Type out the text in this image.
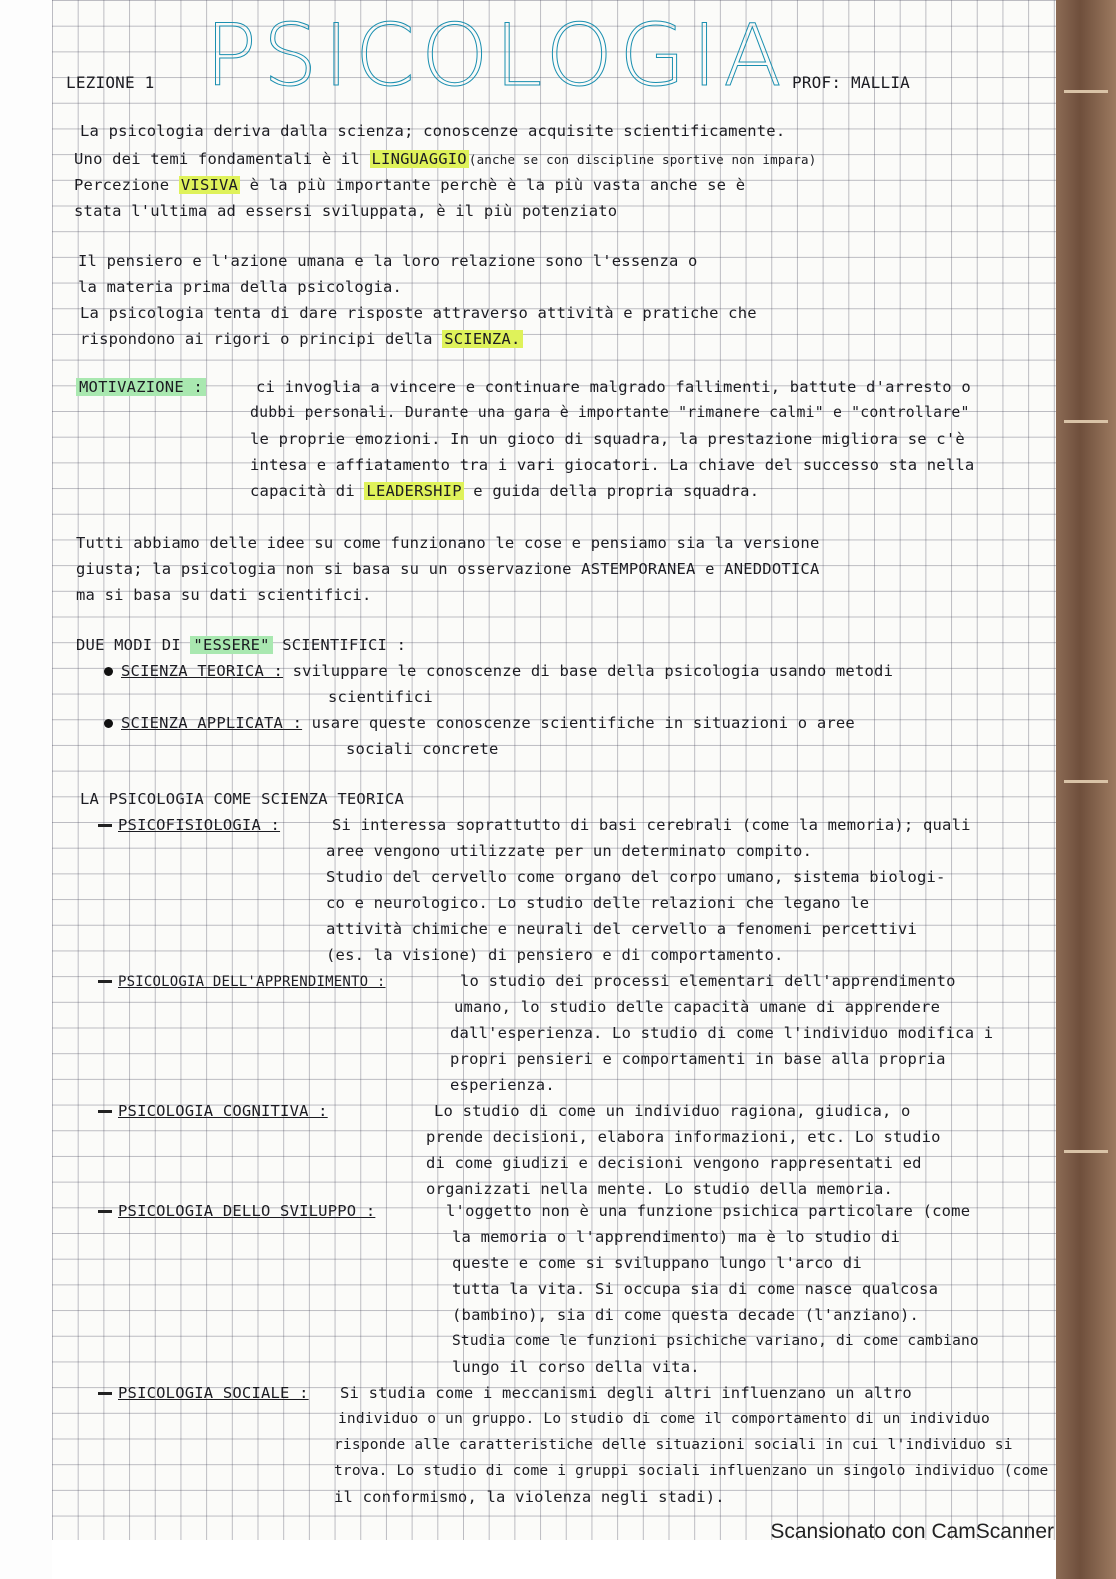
LEZIONE 1 PSICOLOGIA PROF: MALLIA
La psicologia deriva dalla scienza; conoscenze acquisite scientificamente.
Uno dei temi fondamentali è il LINGUAGGIO (anche se con discipline sportive non impara)
Percezione VISIVA è la più importante perchè è la più vasta anche se è
stata l'ultima ad essersi sviluppata, è il più potenziato
Il pensiero e l'azione umana e la loro relazione sono l'essenza o
la materia prima della psicologia.
La psicologia tenta di dare risposte attraverso attività e pratiche che
rispondono ai rigori o principi della SCIENZA.
MOTIVAZIONE :	ci invoglia a vincere e continuare malgrado fallimenti, battute d'arresto o
dubbi personali. Durante una gara è importante "rimanere calmi" e "controllare"
le proprie emozioni. In un gioco di squadra, la prestazione migliora se c'è
intesa e affiatamento tra i vari giocatori. La chiave del successo sta nella
capacità di LEADERSHIP e guida della propria squadra.
Tutti abbiamo delle idee su come funzionano le cose e pensiamo sia la versione
giusta; la psicologia non si basa su un osservazione ASTEMPORANEA e ANEDDOTICA
ma si basa su dati scientifici.
DUE MODI DI "ESSERE" SCIENTIFICI :
SCIENZA TEORICA : sviluppare le conoscenze di base della psicologia usando metodi
scientifici
SCIENZA APPLICATA : usare queste conoscenze scientifiche in situazioni o aree
sociali concrete
LA PSICOLOGIA COME SCIENZA TEORICA
PSICOFISIOLOGIA :	Si interessa soprattutto di basi cerebrali (come la memoria); quali
aree vengono utilizzate per un determinato compito.
Studio del cervello come organo del corpo umano, sistema biologi-
co e neurologico. Lo studio delle relazioni che legano le
attività chimiche e neurali del cervello a fenomeni percettivi
(es. la visione) di pensiero e di comportamento.
PSICOLOGIA DELL'APPRENDIMENTO :	lo studio dei processi elementari dell'apprendimento
umano, lo studio delle capacità umane di apprendere
dall'esperienza. Lo studio di come l'individuo modifica i
propri pensieri e comportamenti in base alla propria
esperienza.
PSICOLOGIA COGNITIVA :	Lo studio di come un individuo ragiona, giudica, o
prende decisioni, elabora informazioni, etc. Lo studio
di come giudizi e decisioni vengono rappresentati ed
organizzati nella mente. Lo studio della memoria.
PSICOLOGIA DELLO SVILUPPO :	l'oggetto non è una funzione psichica particolare (come
la memoria o l'apprendimento) ma è lo studio di
queste e come si sviluppano lungo l'arco di
tutta la vita. Si occupa sia di come nasce qualcosa
(bambino), sia di come questa decade (l'anziano).
Studia come le funzioni psichiche variano, di come cambiano
lungo il corso della vita.
PSICOLOGIA SOCIALE : Si studia come i meccanismi degli altri influenzano un altro
individuo o un gruppo. Lo studio di come il comportamento di un individuo
risponde alle caratteristiche delle situazioni sociali in cui l'individuo si
trova. Lo studio di come i gruppi sociali influenzano un singolo individuo (come
il conformismo, la violenza negli stadi).
Scansionato con CamScanner
